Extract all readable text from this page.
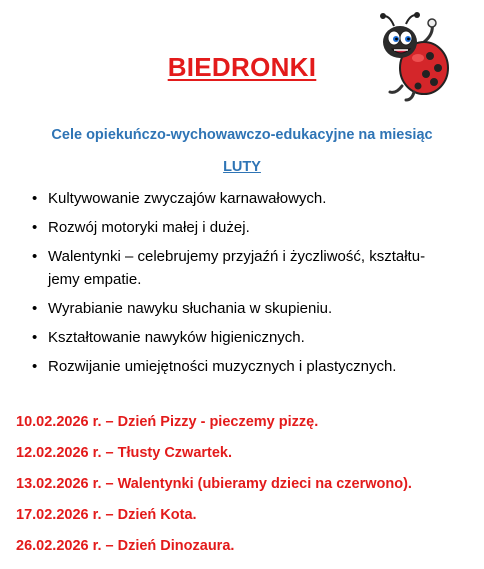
BIEDRONKI
Cele opiekuńczo-wychowawczo-edukacyjne na miesiąc
LUTY
• Kultywowanie zwyczajów karnawałowych.
• Rozwój motoryki małej i dużej.
• Walentynki – celebrujemy przyjaźń i życzliwość, kształtu-
jemy empatie.
• Wyrabianie nawyku słuchania w skupieniu.
• Kształtowanie nawyków higienicznych.
• Rozwijanie umiejętności muzycznych i plastycznych.
10.02.2026 r. – Dzień Pizzy - pieczemy pizzę.
12.02.2026 r. – Tłusty Czwartek.
13.02.2026 r. – Walentynki (ubieramy dzieci na czerwono).
17.02.2026 r. – Dzień Kota.
26.02.2026 r. – Dzień Dinozaura.
